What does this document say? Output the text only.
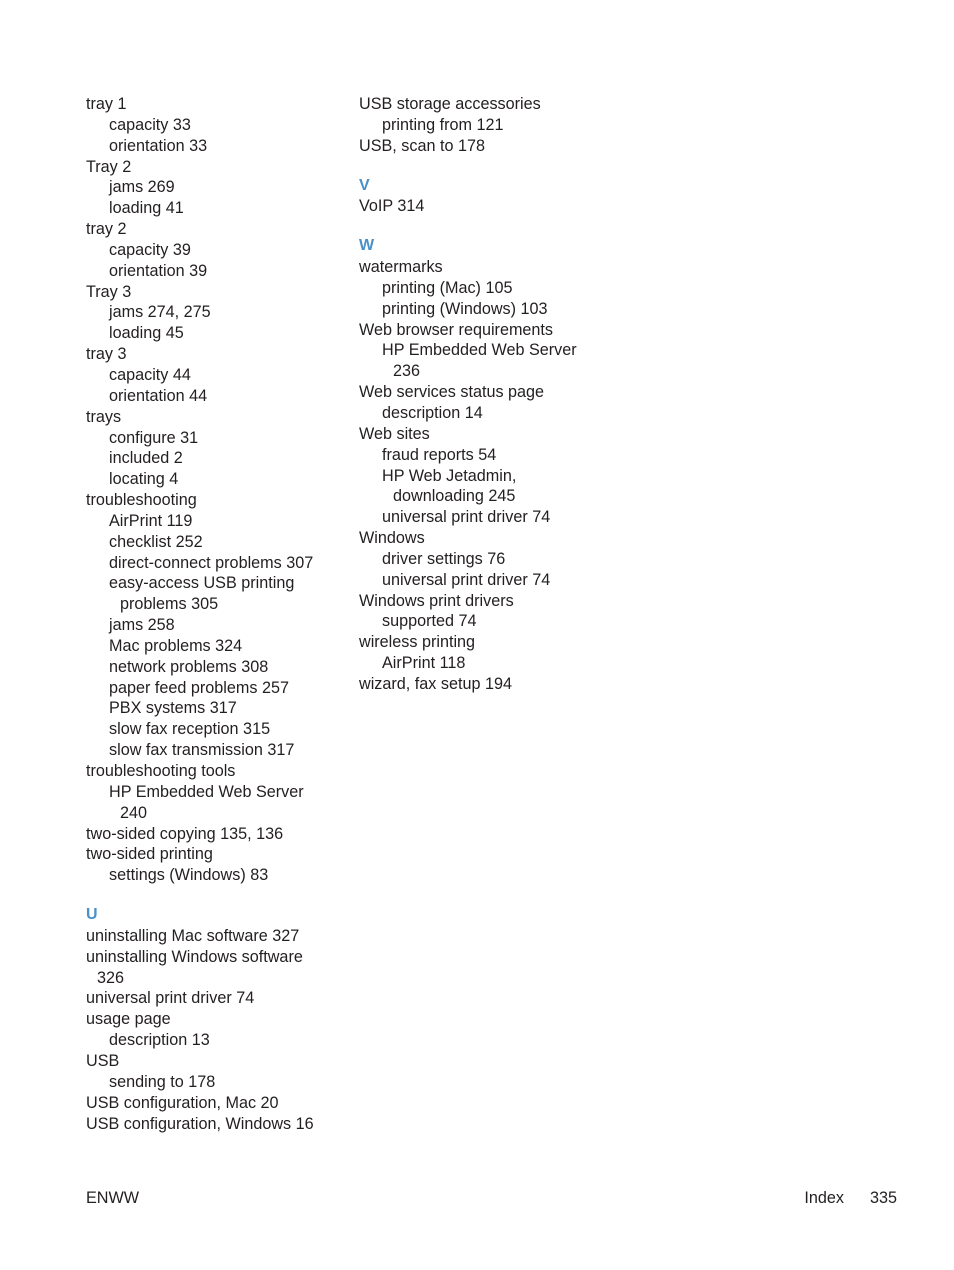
tray 1
capacity 33
orientation 33
Tray 2
jams 269
loading 41
tray 2
capacity 39
orientation 39
Tray 3
jams 274, 275
loading 45
tray 3
capacity 44
orientation 44
trays
configure 31
included 2
locating 4
troubleshooting
AirPrint 119
checklist 252
direct-connect problems 307
easy-access USB printing
problems 305
jams 258
Mac problems 324
network problems 308
paper feed problems 257
PBX systems 317
slow fax reception 315
slow fax transmission 317
troubleshooting tools
HP Embedded Web Server
240
two-sided copying 135, 136
two-sided printing
settings (Windows) 83
U
uninstalling Mac software 327
uninstalling Windows software
326
universal print driver 74
usage page
description 13
USB
sending to 178
USB configuration, Mac 20
USB configuration, Windows 16
USB storage accessories
printing from 121
USB, scan to 178
V
VoIP 314
W
watermarks
printing (Mac) 105
printing (Windows) 103
Web browser requirements
HP Embedded Web Server
236
Web services status page
description 14
Web sites
fraud reports 54
HP Web Jetadmin,
downloading 245
universal print driver 74
Windows
driver settings 76
universal print driver 74
Windows print drivers
supported 74
wireless printing
AirPrint 118
wizard, fax setup 194
ENWW	Index 335
